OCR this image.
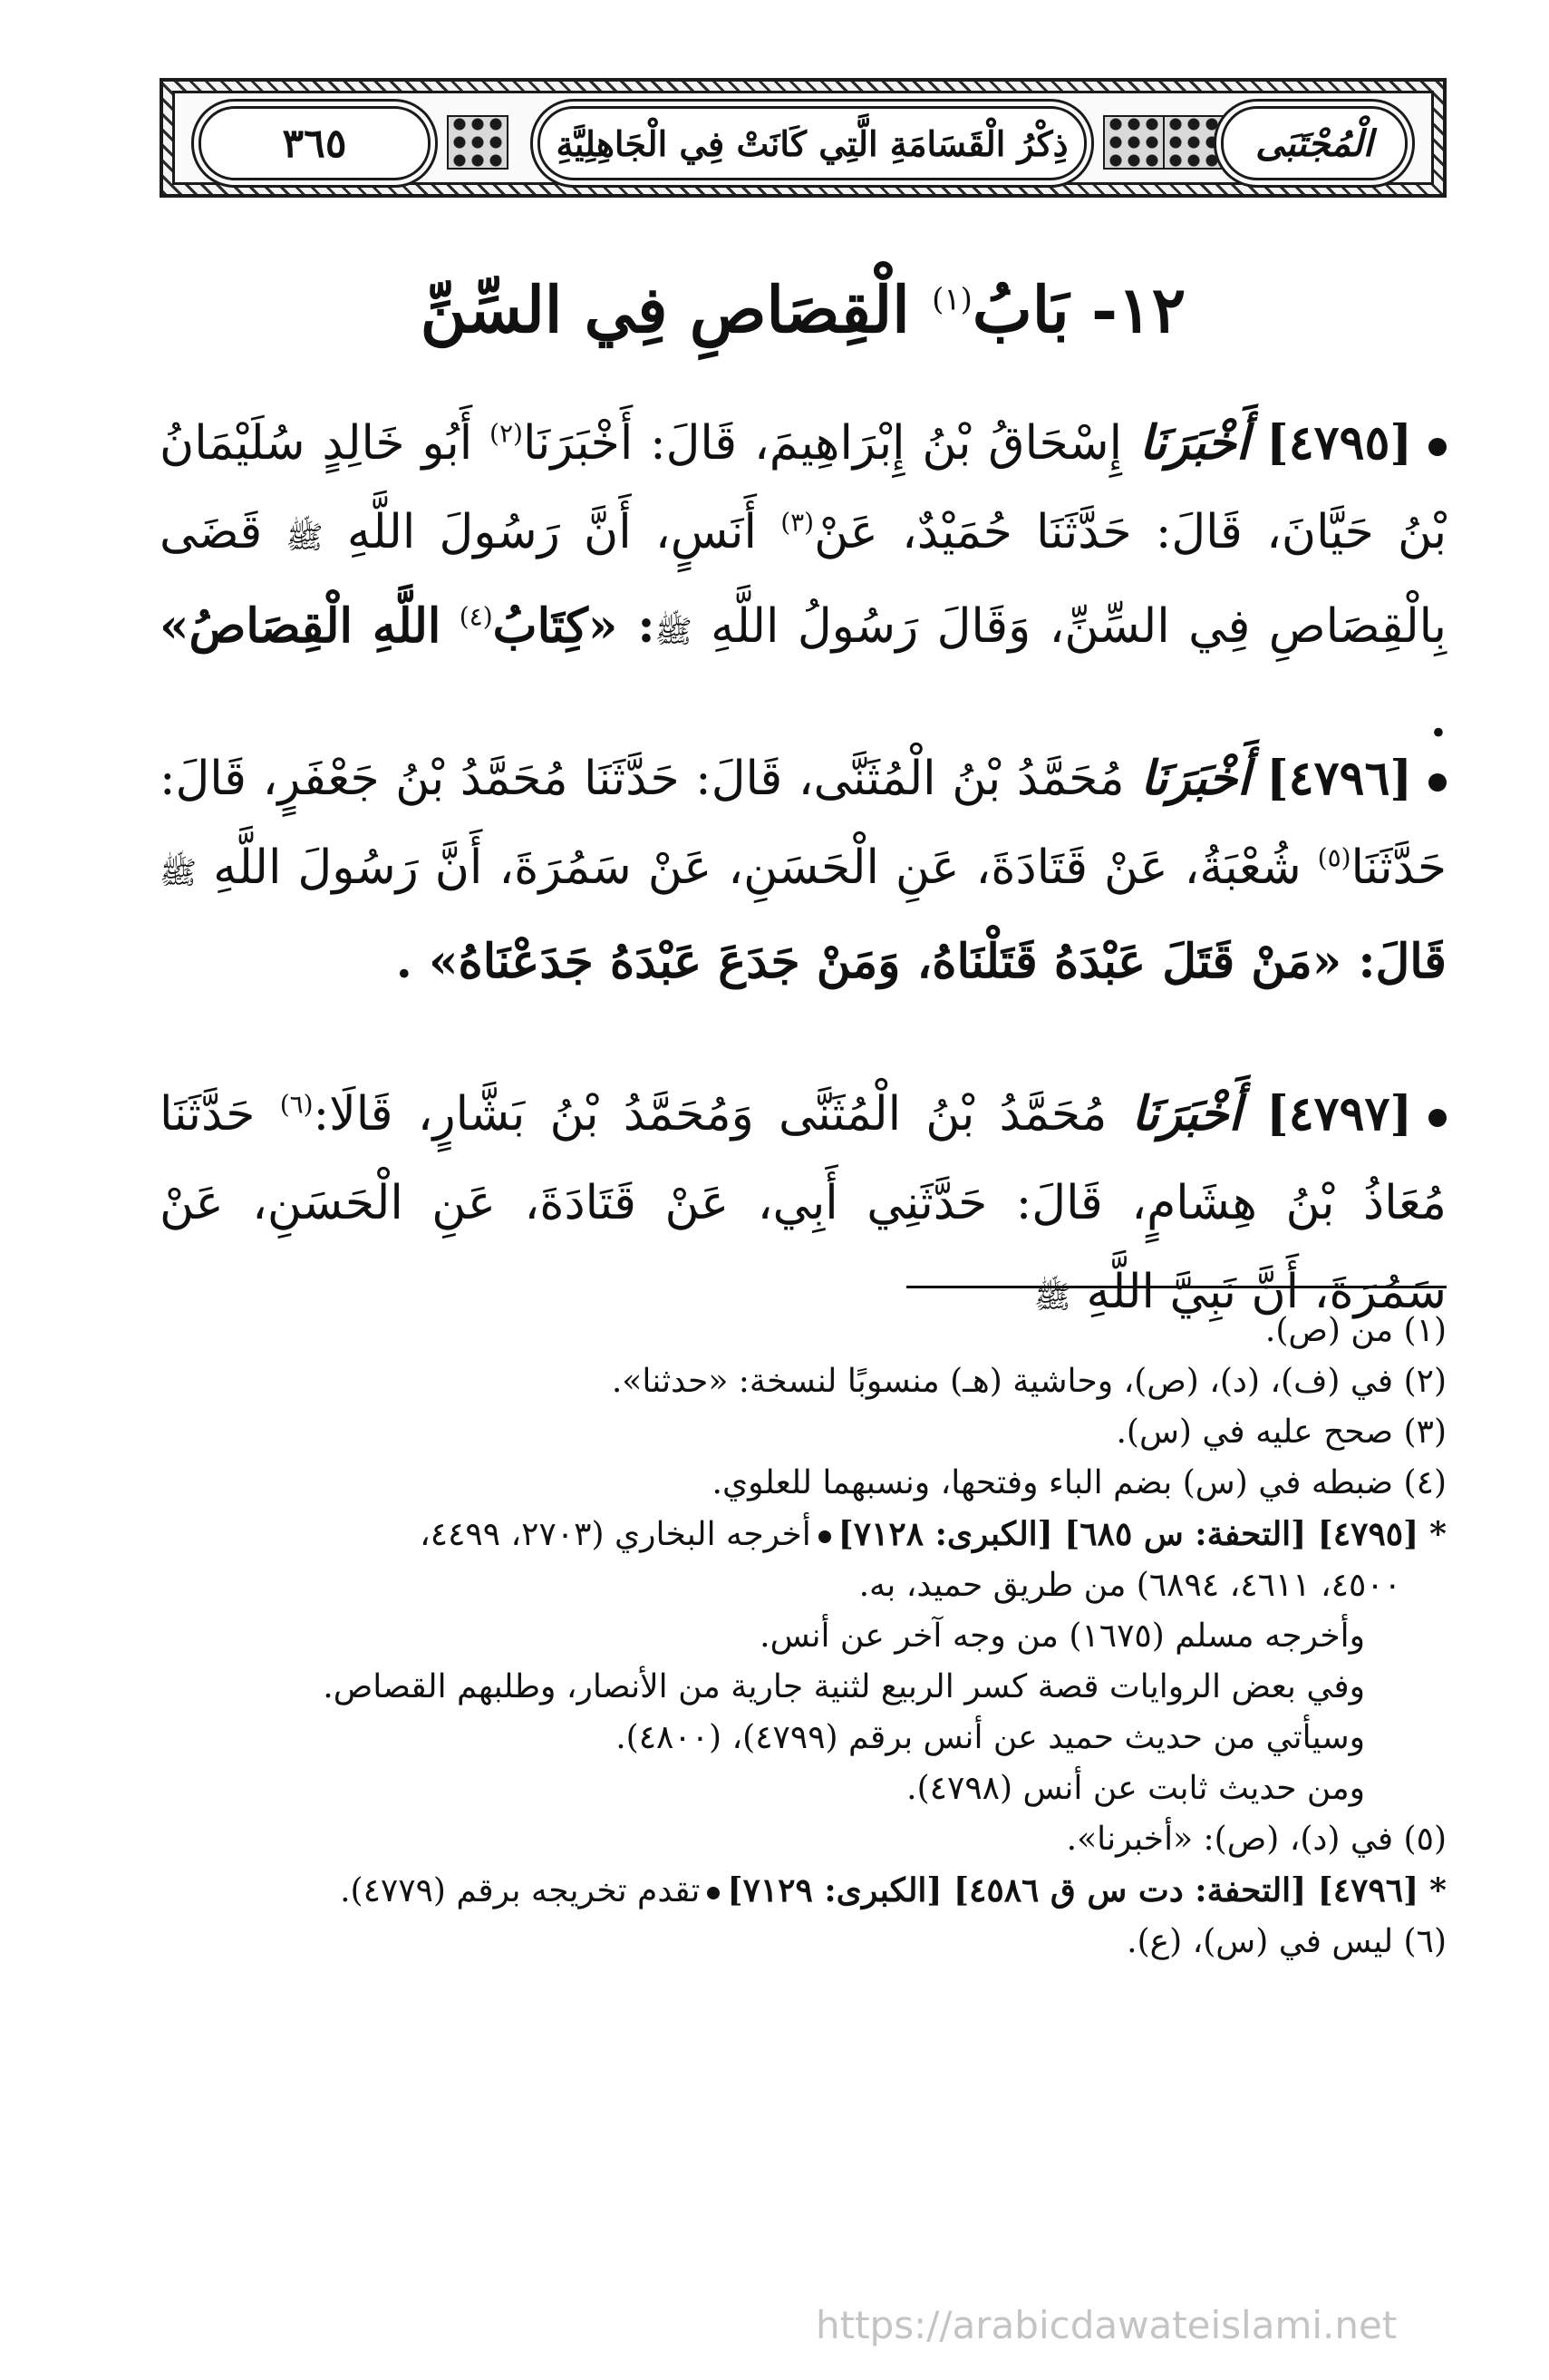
٣٦٥	ذِكْرُ الْقَسَامَةِ الَّتِي كَانَتْ فِي الْجَاهِلِيَّةِ	الْمُجْتَبَى
١٢- بَابُ$^{(١)}$ الْقِصَاصِ فِي السِّنِّ
[٤٧٩٥] أَخْبَرَنَا إِسْحَاقُ بْنُ إِبْرَاهِيمَ، قَالَ: أَخْبَرَنَا$^{(٢)}$ أَبُو خَالِدٍ سُلَيْمَانُ بْنُ حَيَّانَ، قَالَ: حَدَّثَنَا حُمَيْدٌ، عَنْ$^{(٣)}$ أَنَسٍ، أَنَّ رَسُولَ اللَّهِ ﷺ قَضَى بِالْقِصَاصِ فِي السِّنِّ، وَقَالَ رَسُولُ اللَّهِ ﷺ: «كِتَابُ$^{(٤)}$ اللَّهِ الْقِصَاصُ» .
[٤٧٩٦] أَخْبَرَنَا مُحَمَّدُ بْنُ الْمُثَنَّى، قَالَ: حَدَّثَنَا مُحَمَّدُ بْنُ جَعْفَرٍ، قَالَ: حَدَّثَنَا$^{(٥)}$ شُعْبَةُ، عَنْ قَتَادَةَ، عَنِ الْحَسَنِ، عَنْ سَمُرَةَ، أَنَّ رَسُولَ اللَّهِ ﷺ قَالَ: «مَنْ قَتَلَ عَبْدَهُ قَتَلْنَاهُ، وَمَنْ جَدَعَ عَبْدَهُ جَدَعْنَاهُ» .
[٤٧٩٧] أَخْبَرَنَا مُحَمَّدُ بْنُ الْمُثَنَّى وَمُحَمَّدُ بْنُ بَشَّارٍ، قَالَا:$^{(٦)}$ حَدَّثَنَا مُعَاذُ بْنُ هِشَامٍ، قَالَ: حَدَّثَنِي أَبِي، عَنْ قَتَادَةَ، عَنِ الْحَسَنِ، عَنْ سَمُرَةَ، أَنَّ نَبِيَّ اللَّهِ ﷺ
(١) من (ص).
(٢) في (ف)، (د)، (ص)، وحاشية (هـ) منسوبًا لنسخة: «حدثنا».
(٣) صحح عليه في (س).
(٤) ضبطه في (س) بضم الباء وفتحها، ونسبهما للعلوي.
*[٤٧٩٥] [التحفة: س ٦٨٥] [الكبرى: ٧١٢٨]أخرجه البخاري (٢٧٠٣، ٤٤٩٩،
٤٥٠٠، ٤٦١١، ٦٨٩٤) من طريق حميد، به.
وأخرجه مسلم (١٦٧٥) من وجه آخر عن أنس.
وفي بعض الروايات قصة كسر الربيع لثنية جارية من الأنصار، وطلبهم القصاص.
وسيأتي من حديث حميد عن أنس برقم (٤٧٩٩)، (٤٨٠٠).
ومن حديث ثابت عن أنس (٤٧٩٨).
(٥) في (د)، (ص): «أخبرنا».
*[٤٧٩٦] [التحفة: دت س ق ٤٥٨٦] [الكبرى: ٧١٢٩]تقدم تخريجه برقم (٤٧٧٩).
(٦) ليس في (س)، (ع).
https://arabicdawateislami.net
